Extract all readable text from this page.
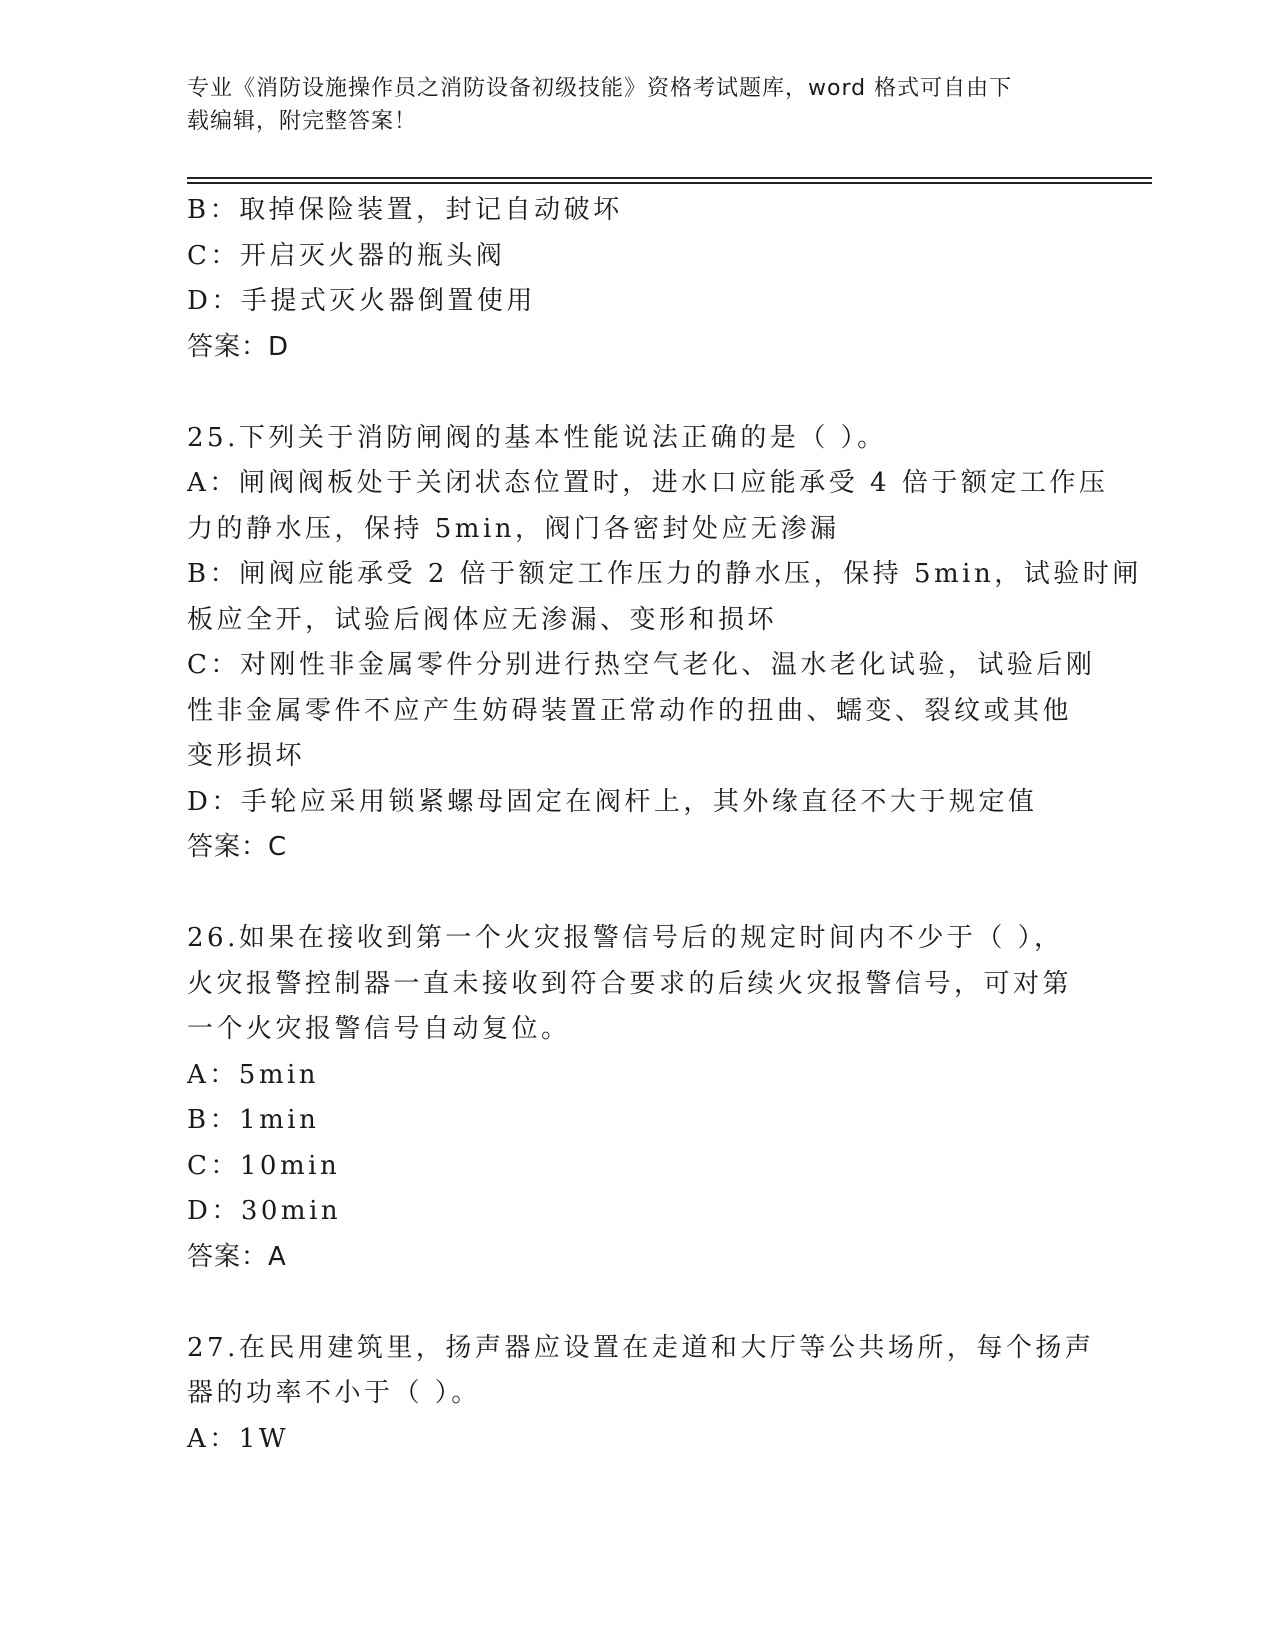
专业《消防设施操作员之消防设备初级技能》资格考试题库，word 格式可自由下
载编辑，附完整答案！
B：取掉保险装置，封记自动破坏
C：开启灭火器的瓶头阀
D：手提式灭火器倒置使用
答案：D
25.下列关于消防闸阀的基本性能说法正确的是（ ）。
A：闸阀阀板处于关闭状态位置时，进水口应能承受 4 倍于额定工作压
力的静水压，保持 5min，阀门各密封处应无渗漏
B：闸阀应能承受 2 倍于额定工作压力的静水压，保持 5min，试验时闸
板应全开，试验后阀体应无渗漏、变形和损坏
C：对刚性非金属零件分别进行热空气老化、温水老化试验，试验后刚
性非金属零件不应产生妨碍装置正常动作的扭曲、蠕变、裂纹或其他
变形损坏
D：手轮应采用锁紧螺母固定在阀杆上，其外缘直径不大于规定值
答案：C
26.如果在接收到第一个火灾报警信号后的规定时间内不少于（ ），
火灾报警控制器一直未接收到符合要求的后续火灾报警信号，可对第
一个火灾报警信号自动复位。
A：5min
B：1min
C：10min
D：30min
答案：A
27.在民用建筑里，扬声器应设置在走道和大厅等公共场所，每个扬声
器的功率不小于（ ）。
A：1W
